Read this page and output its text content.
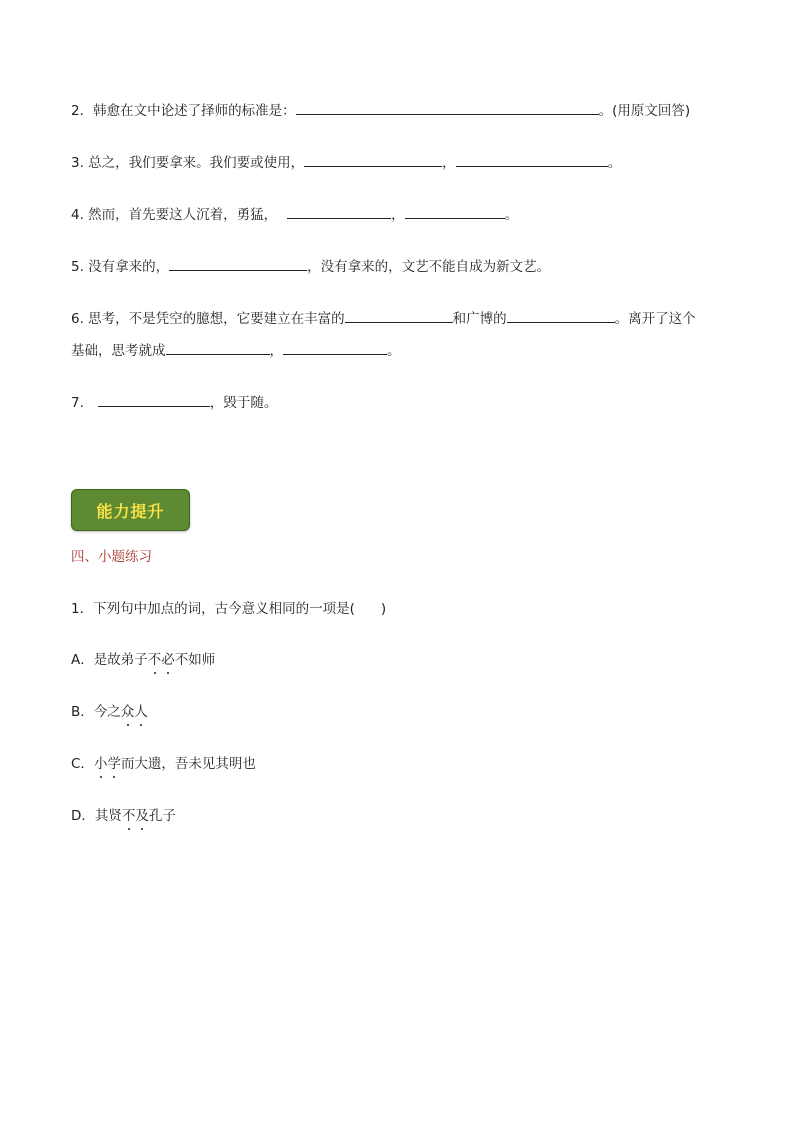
2．韩愈在文中论述了择师的标准是：	。(用原文回答)
3. 总之，我们要拿来。我们要或使用，	，	。
4. 然而，首先要这人沉着，勇猛，	，	。
5. 没有拿来的，	，没有拿来的，文艺不能自成为新文艺。
6. 思考，不是凭空的臆想，它要建立在丰富的	和广博的	。离开了这个
基础，思考就成	，	。
7.	，毁于随。
能力提升
四、小题练习
1．下列句中加点的词，古今意义相同的一项是( )
A．是故弟子不必不如师
B．今之众人
C．小学而大遗，吾未见其明也
D．其贤不及孔子
